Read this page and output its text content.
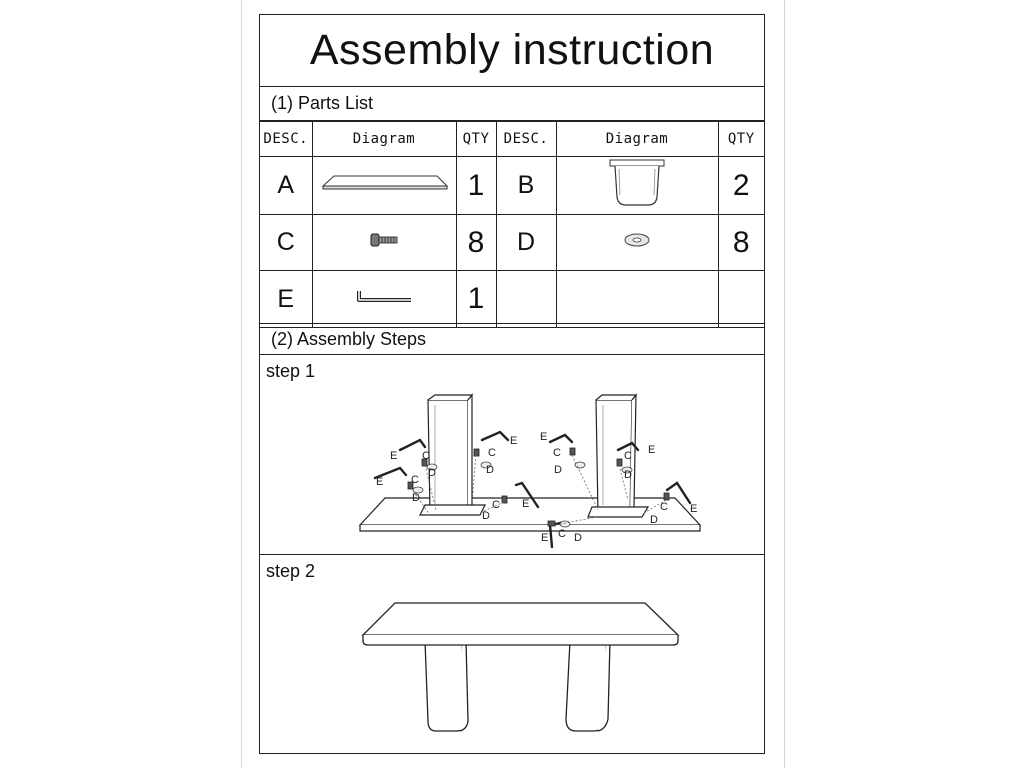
Assembly instruction
(1) Parts List
DESC.	Diagram	QTY	DESC.	Diagram	QTY
A		1	B		2
C		8	D		8
E		1			
(2) Assembly Steps
step 1
E C
D
E	C
D
E
C
D
E
C
D
E
C
D
C
D
E
C
D
E
E C D
step 2
